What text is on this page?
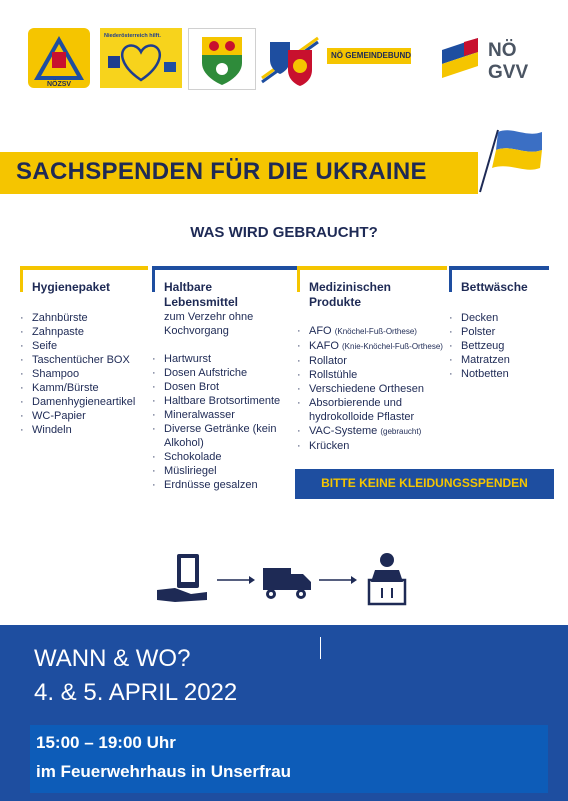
NÖZSV
Niederösterreich hilft.
NÖ GEMEINDEBUND	NÖ
GVV
SACHSPENDEN FÜR DIE UKRAINE
WAS WIRD GEBRAUCHT?
Hygienepaket
· Zahnbürste
· Zahnpaste
· Seife
· Taschentücher BOX
· Shampoo
· Kamm/Bürste
· Damenhygieneartikel
· WC-Papier
· Windeln
Haltbare Lebensmittel
zum Verzehr ohne Kochvorgang
· Hartwurst
· Dosen Aufstriche
· Dosen Brot
· Haltbare Brotsortimente
· Mineralwasser
· Diverse Getränke (kein Alkohol)
· Schokolade
· Müsliriegel
· Erdnüsse gesalzen
Medizinischen Produkte
· AFO (Knöchel-Fuß-Orthese)
· KAFO (Knie-Knöchel-Fuß-Orthese)
· Rollator
· Rollstühle
· Verschiedene Orthesen
· Absorbierende und hydrokolloide Pflaster
· VAC-Systeme (gebraucht)
· Krücken
Bettwäsche
· Decken
· Polster
· Bettzeug
· Matratzen
· Notbetten
BITTE KEINE KLEIDUNGSSPENDEN
WANN & WO?
4. & 5. APRIL 2022
15:00 – 19:00 Uhr
im Feuerwehrhaus in Unserfrau
